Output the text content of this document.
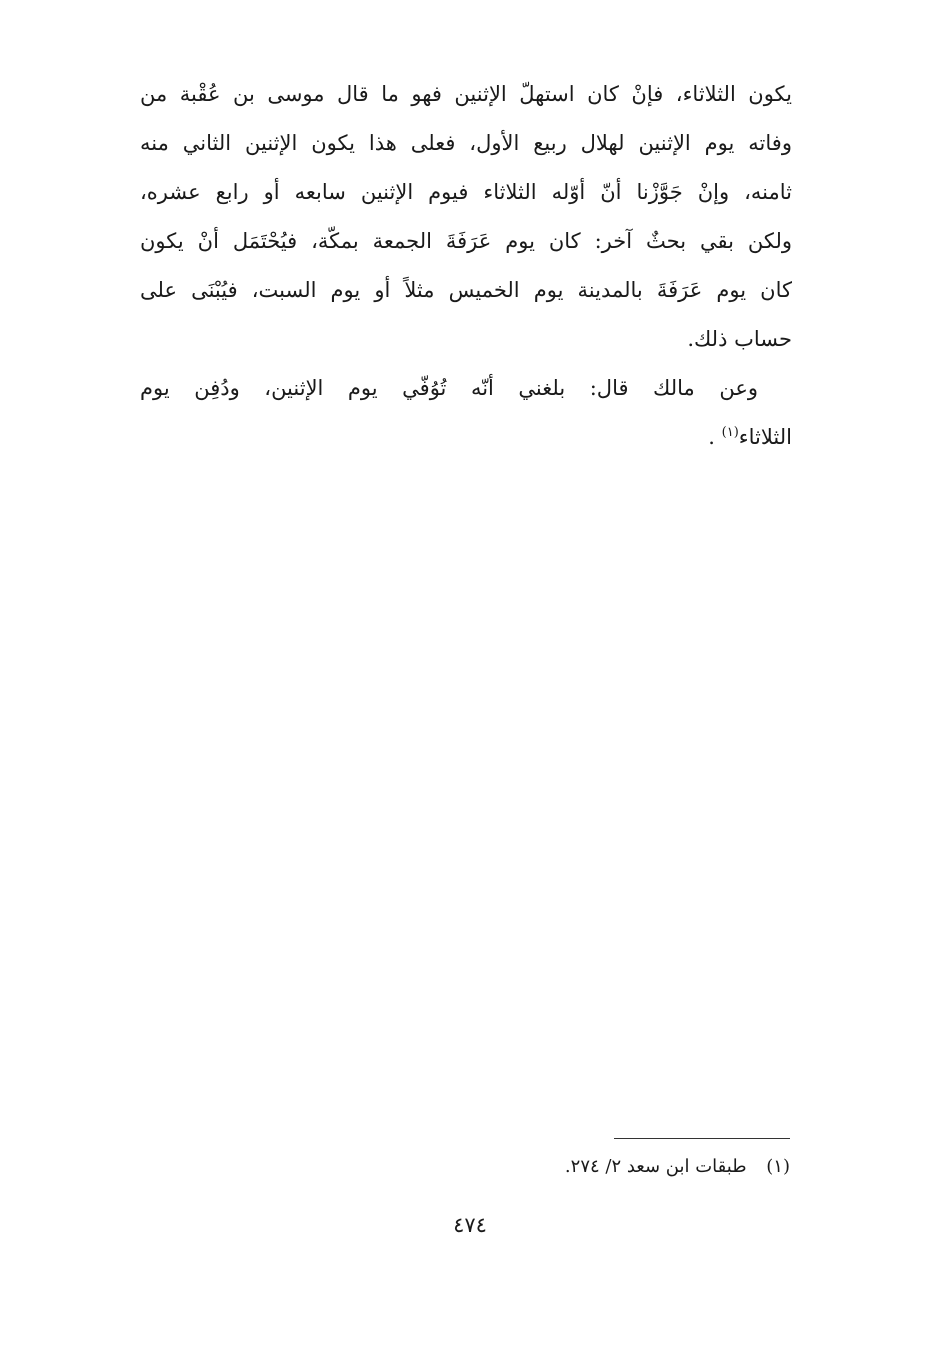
يكون الثلاثاء، فإنْ كان استهلّ الإثنين فهو ما قال موسى بن عُقْبة من
وفاته يوم الإثنين لهلال ربيع الأول، فعلى هذا يكون الإثنين الثاني منه
ثامنه، وإنْ جَوَّزْنا أنّ أوّله الثلاثاء فيوم الإثنين سابعه أو رابع عشره،
ولكن بقي بحثٌ آخر: كان يوم عَرَفَةَ الجمعة بمكّة، فيُحْتَمَل أنْ يكون
كان يوم عَرَفَةَ بالمدينة يوم الخميس مثلاً أو يوم السبت، فيُبْنَى على
حساب ذلك.
وعن مالك قال: بلغني أنّه تُوُفّي يوم الإثنين، ودُفِن يوم
الثلاثاء$^{(١)}$ .
(١) طبقات ابن سعد ٢/ ٢٧٤.
٤٧٤
